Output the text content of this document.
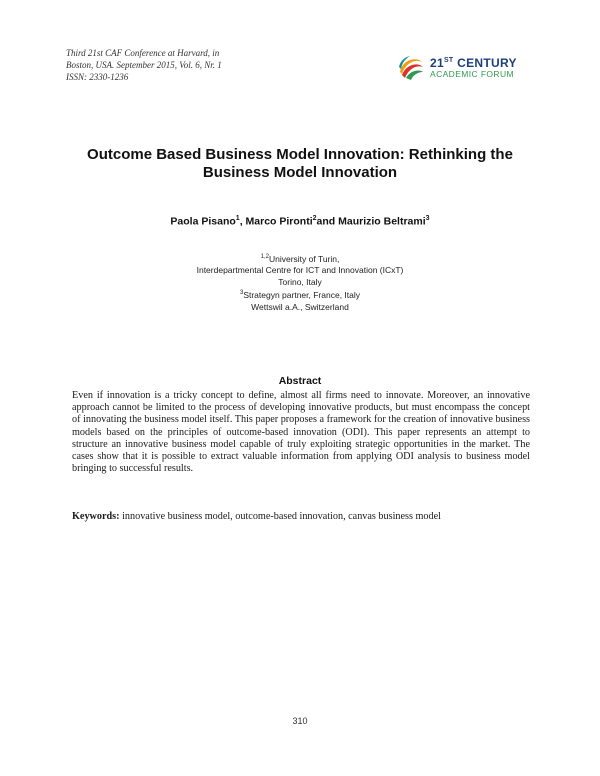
Third 21st CAF Conference at Harvard, in
Boston, USA. September 2015, Vol. 6, Nr. 1
ISSN: 2330-1236
21ST CENTURY
ACADEMIC FORUM
Outcome Based Business Model Innovation: Rethinking the
Business Model Innovation
Paola Pisano$^1$, Marco Pironti$^2$and Maurizio Beltrami$^3$
$^{1,2}$University of Turin,
Interdepartmental Centre for ICT and Innovation (ICxT)
Torino, Italy
$^3$Strategyn partner, France, Italy
Wettswil a.A., Switzerland
Abstract
Even if innovation is a tricky concept to define, almost all firms need to innovate. Moreover, an innovative approach cannot be limited to the process of developing innovative products, but must encompass the concept of innovating the business model itself. This paper proposes a framework for the creation of innovative business models based on the principles of outcome-based innovation (ODI). This paper represents an attempt to structure an innovative business model capable of truly exploiting strategic opportunities in the market. The cases show that it is possible to extract valuable information from applying ODI analysis to business model bringing to successful results.
Keywords: innovative business model, outcome-based innovation, canvas business model
310
